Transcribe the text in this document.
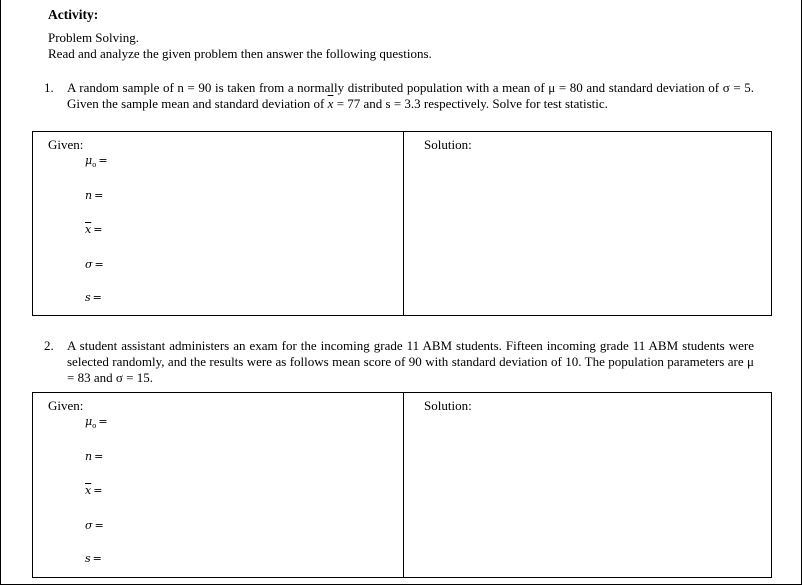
Activity:
Problem Solving.
Read and analyze the given problem then answer the following questions.
1. A random sample of n = 90 is taken from a normally distributed population with a mean of μ = 80 and standard deviation of σ = 5. Given the sample mean and standard deviation of $\overline{x} = 77$ and s = 3.3 respectively. Solve for test statistic.
Given:	Solution:
$\mu_o$ =
n =
$\overline{x}$ =
σ =
s =
2. A student assistant administers an exam for the incoming grade 11 ABM students. Fifteen incoming grade 11 ABM students were selected randomly, and the results were as follows mean score of 90 with standard deviation of 10. The population parameters are μ = 83 and σ = 15.
Given:	Solution:
$\mu_o$ =
n =
$\overline{x}$ =
σ =
s =
